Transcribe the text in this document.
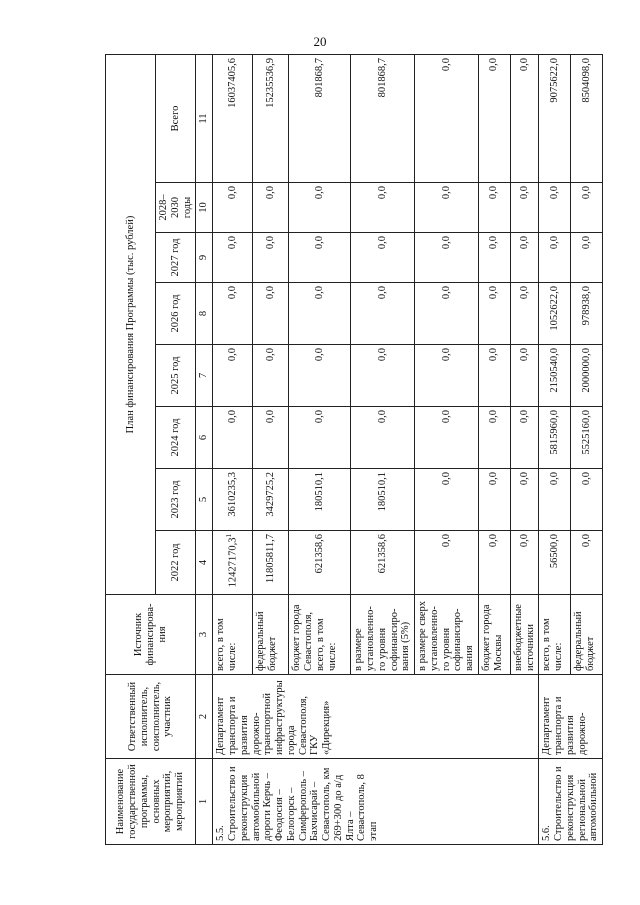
20
Наименование государственной программы, основных мероприятий, мероприятий	Ответственный исполнитель, соисполнитель, участник	Источник финансирова-ния	План финансирования Программы (тыс. рублей)							
			2022 год	2023 год	2024 год	2025 год	2026 год	2027 год	2028–2030 годы	Всего
1	2	3	4	5	6	7	8	9	10	11
5.5. Строительство и реконструкция автомобильной дороги Керчь – Феодосия – Белогорск – Симферополь – Бахчисарай – Севастополь, км 269+300 до а/д Ялта – Севастополь, 8 этап	Департамент транспорта и развития дорожно-транспортной инфраструктуры города Севастополя, ГКУ «Дирекция»	всего, в том числе:	12427170,3$^1$	3610235,3	0,0	0,0	0,0	0,0	0,0	16037405,6
		федеральный бюджет	11805811,7	3429725,2	0,0	0,0	0,0	0,0	0,0	15235536,9
		бюджет города Севастополя, всего, в том числе:	621358,6	180510,1	0,0	0,0	0,0	0,0	0,0	801868,7
		в размере установленно-го уровня софинансиро-вания (5%)	621358,6	180510,1	0,0	0,0	0,0	0,0	0,0	801868,7
		в размере сверх установленно-го уровня софинансиро-вания	0,0	0,0	0,0	0,0	0,0	0,0	0,0	0,0
		бюджет города Москвы	0,0	0,0	0,0	0,0	0,0	0,0	0,0	0,0
		внебюджетные источники	0,0	0,0	0,0	0,0	0,0	0,0	0,0	0,0
5.6. Строительство и реконструкция региональной автомобильной	Департамент транспорта и развития дорожно-	всего, в том числе:	56500,0	0,0	5815960,0	2150540,0	1052622,0	0,0	0,0	9075622,0
		федеральный бюджет	0,0	0,0	5525160,0	2000000,0	978938,0	0,0	0,0	8504098,0
